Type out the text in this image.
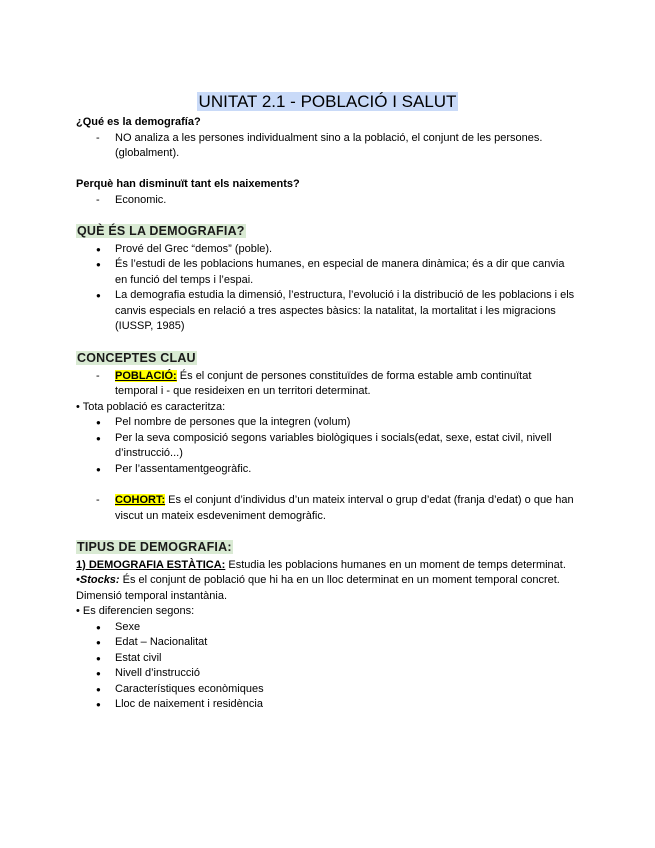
UNITAT 2.1 - POBLACIÓ I SALUT
¿Qué es la demografía?
- NO analiza a les persones individualment sino a la població, el conjunt de les persones. (globalment).
Perquè han disminuït tant els naixements?
- Economic.
QUÈ ÉS LA DEMOGRAFIA?
● Prové del Grec “demos” (poble).
● És l’estudi de les poblacions humanes, en especial de manera dinàmica; és a dir que canvia en funció del temps i l’espai.
● La demografia estudia la dimensió, l’estructura, l’evolució i la distribució de les poblacions i els canvis especials en relació a tres aspectes bàsics: la natalitat, la mortalitat i les migracions (IUSSP, 1985)
CONCEPTES CLAU
- POBLACIÓ: És el conjunt de persones constituïdes de forma estable amb continuïtat temporal i - que resideixen en un territori determinat.
• Tota població es caracteritza:
● Pel nombre de persones que la integren (volum)
● Per la seva composició segons variables biològiques i socials(edat, sexe, estat civil, nivell d’instrucció...)
● Per l’assentamentgeogràfic.
- COHORT: Es el conjunt d’individus d’un mateix interval o grup d’edat (franja d’edat) o que han viscut un mateix esdeveniment demogràfic.
TIPUS DE DEMOGRAFIA:
1) DEMOGRAFIA ESTÀTICA: Estudia les poblacions humanes en un moment de temps determinat.
•Stocks: És el conjunt de població que hi ha en un lloc determinat en un moment temporal concret. Dimensió temporal instantània.
• Es diferencien segons:
● Sexe
● Edat – Nacionalitat
● Estat civil
● Nivell d’instrucció
● Característiques econòmiques
● Lloc de naixement i residència
